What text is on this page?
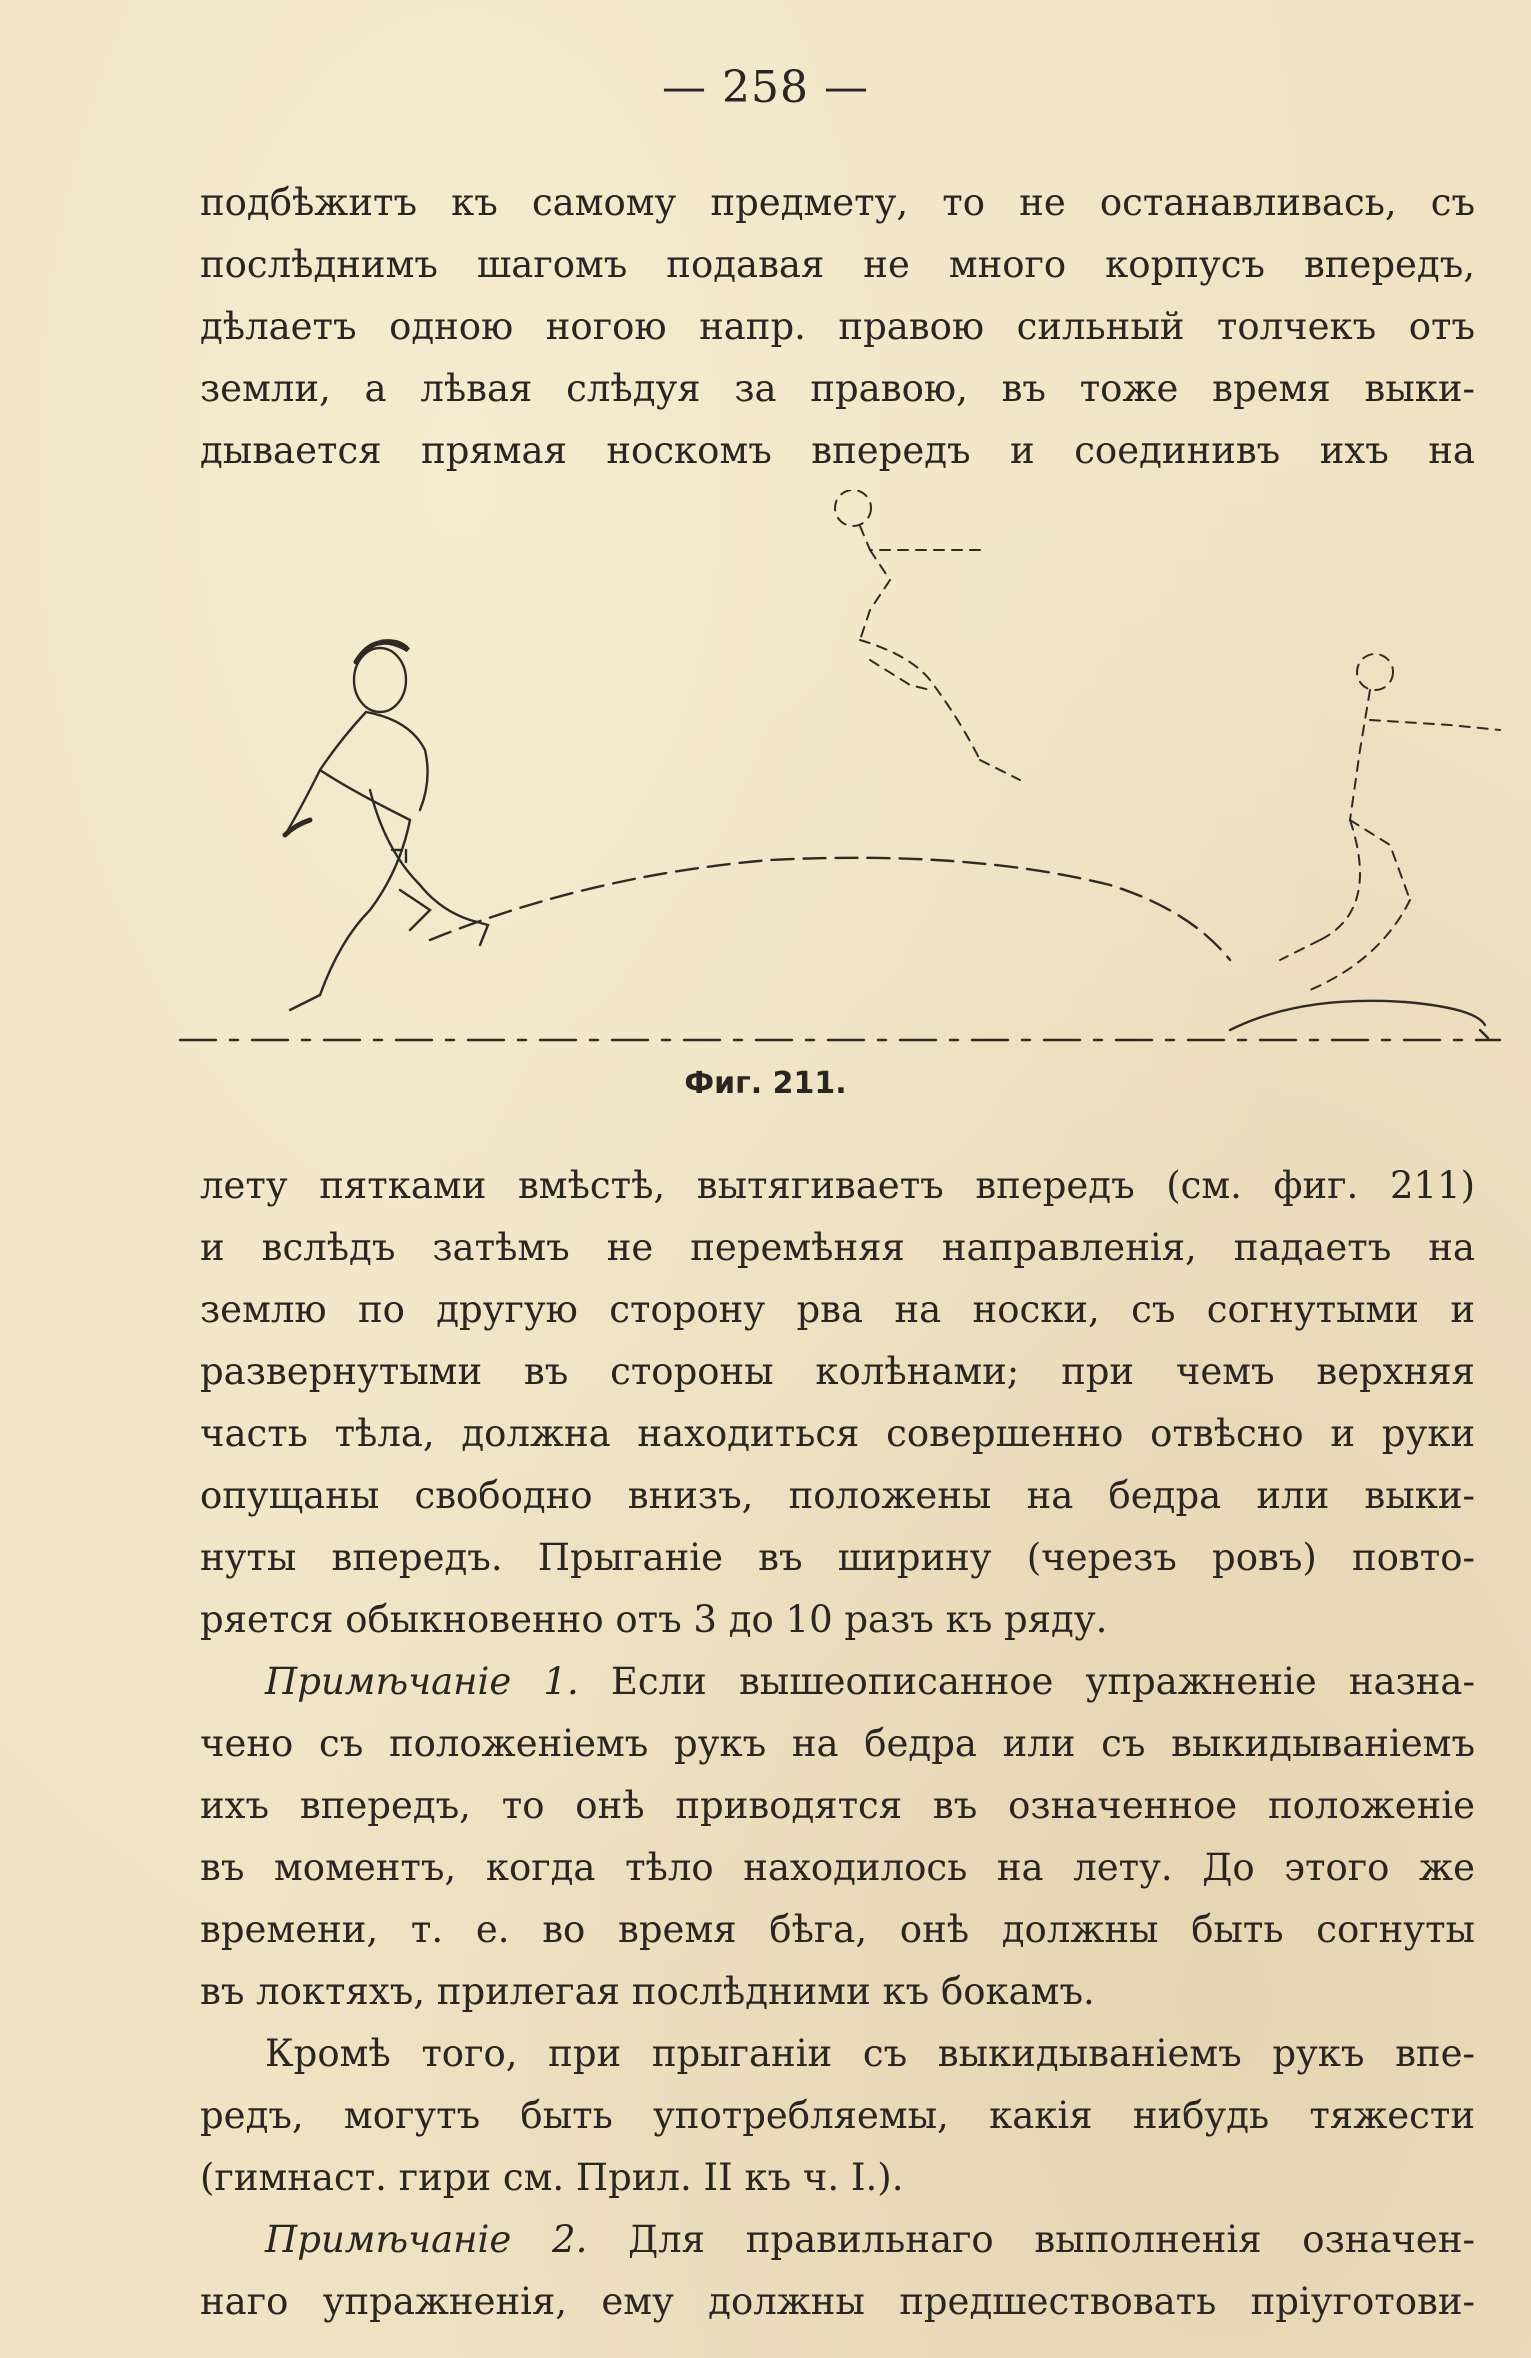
— 258 —
подбѣжитъ къ самому предмету, то не останавливась, съ
послѣднимъ шагомъ подавая не много корпусъ впередъ,
дѣлаетъ одною ногою напр. правою сильный толчекъ отъ
земли, а лѣвая слѣдуя за правою, въ тоже время выки-
дывается прямая носкомъ впередъ и соединивъ ихъ на
Фиг. 211.
лету пятками вмѣстѣ, вытягиваетъ впередъ (см. фиг. 211)
и вслѣдъ затѣмъ не перемѣняя направленія, падаетъ на
землю по другую сторону рва на носки, съ согнутыми и
развернутыми въ стороны колѣнами; при чемъ верхняя
часть тѣла, должна находиться совершенно отвѣсно и руки
опущаны свободно внизъ, положены на бедра или выки-
нуты впередъ. Прыганіе въ ширину (черезъ ровъ) повто-
ряется обыкновенно отъ 3 до 10 разъ къ ряду.
Примѣчаніе 1. Если вышеописанное упражненіе назна-
чено съ положеніемъ рукъ на бедра или съ выкидываніемъ
ихъ впередъ, то онѣ приводятся въ означенное положеніе
въ моментъ, когда тѣло находилось на лету. До этого же
времени, т. е. во время бѣга, онѣ должны быть согнуты
въ локтяхъ, прилегая послѣдними къ бокамъ.
Кромѣ того, при прыганіи съ выкидываніемъ рукъ впе-
редъ, могутъ быть употребляемы, какія нибудь тяжести
(гимнаст. гири см. Прил. II къ ч. I.).
Примѣчаніе 2. Для правильнаго выполненія означен-
наго упражненія, ему должны предшествовать пріуготови-
